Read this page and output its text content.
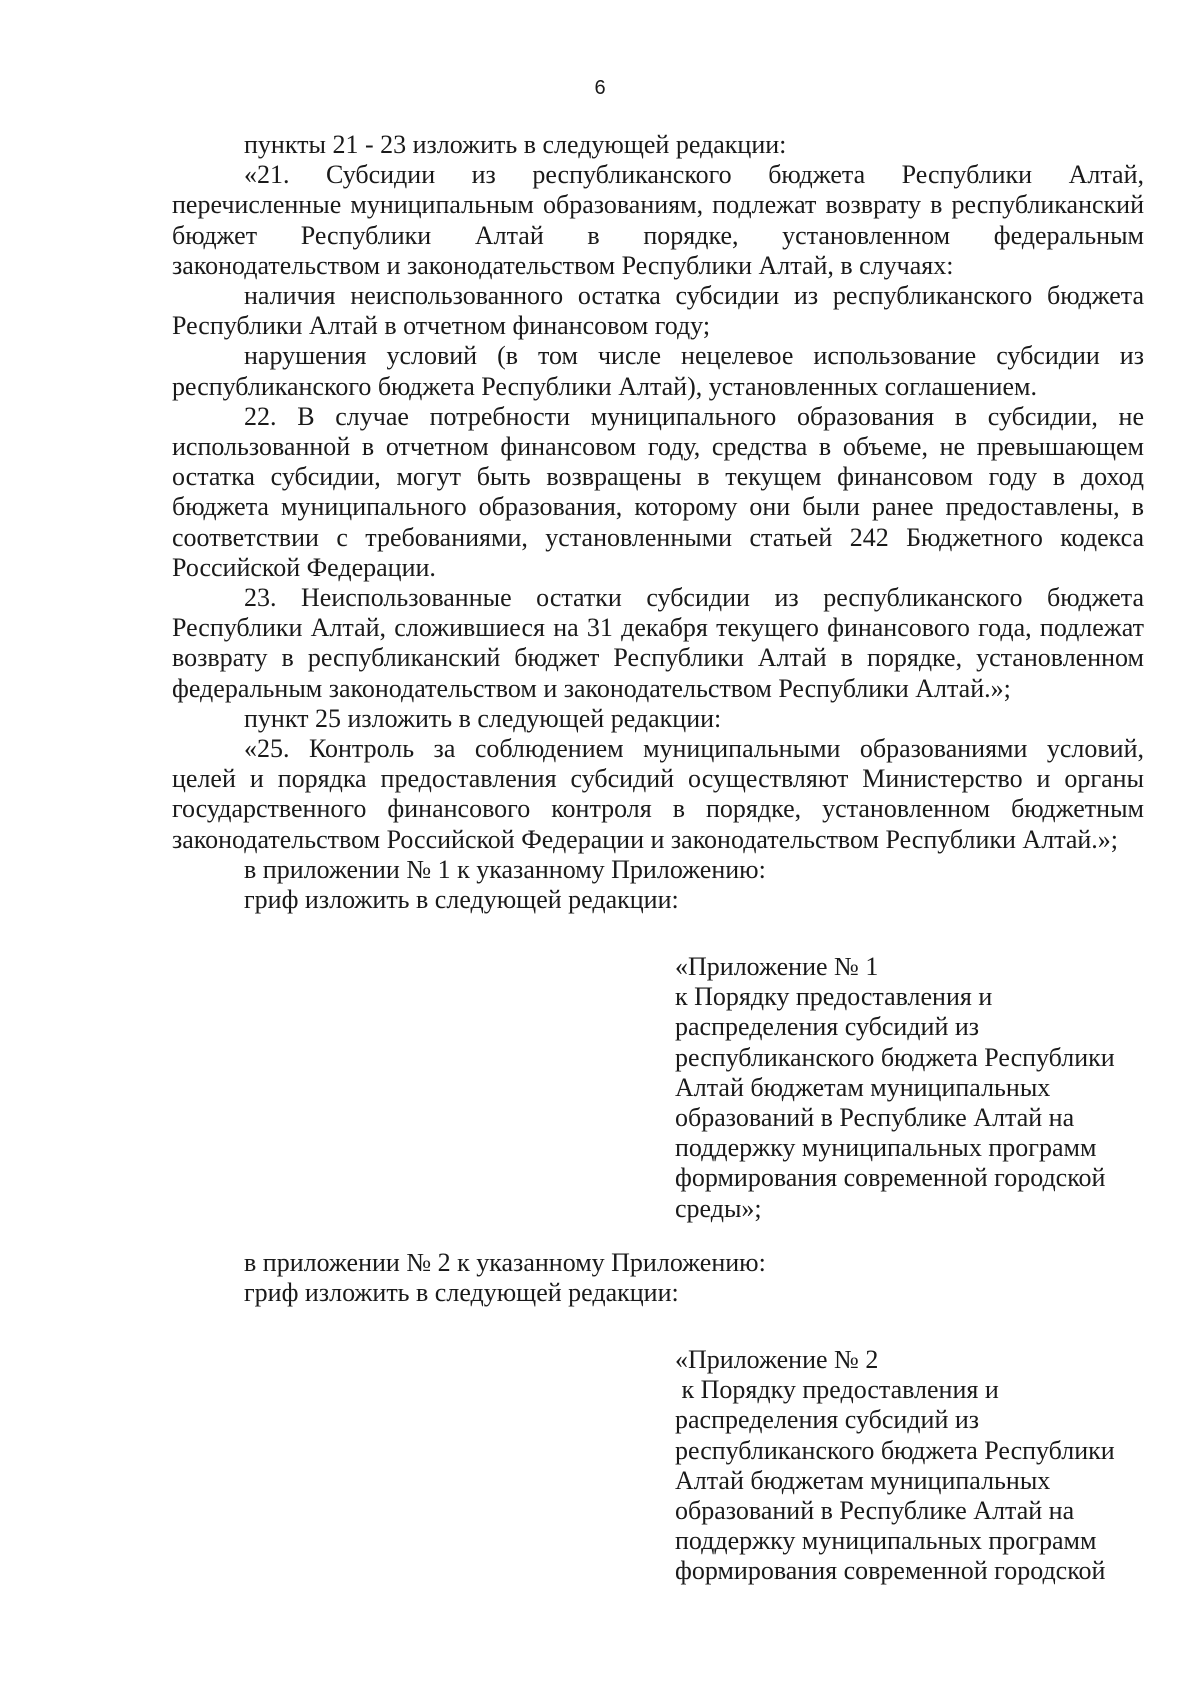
6

пункты 21 - 23 изложить в следующей редакции:

«21. Субсидии из республиканского бюджета Республики Алтай,

перечисленные муниципальным образованиям, подлежат возврату в республиканский

бюджет Республики Алтай в порядке, установленном федеральным

законодательством и законодательством Республики Алтай, в случаях:

наличия неиспользованного остатка субсидии из республиканского бюджета

Республики Алтай в отчетном финансовом году;

нарушения условий (в том числе нецелевое использование субсидии из

республиканского бюджета Республики Алтай), установленных соглашением.

22. В случае потребности муниципального образования в субсидии, не

использованной в отчетном финансовом году, средства в объеме, не превышающем

остатка субсидии, могут быть возвращены в текущем финансовом году в доход

бюджета муниципального образования, которому они были ранее предоставлены, в

соответствии с требованиями, установленными статьей 242 Бюджетного кодекса

Российской Федерации.

23. Неиспользованные остатки субсидии из республиканского бюджета

Республики Алтай, сложившиеся на 31 декабря текущего финансового года, подлежат

возврату в республиканский бюджет Республики Алтай в порядке, установленном

федеральным законодательством и законодательством Республики Алтай.»;

пункт 25 изложить в следующей редакции:

«25. Контроль за соблюдением муниципальными образованиями условий,

целей и порядка предоставления субсидий осуществляют Министерство и органы

государственного финансового контроля в порядке, установленном бюджетным

законодательством Российской Федерации и законодательством Республики Алтай.»;

в приложении № 1 к указанному Приложению:

гриф изложить в следующей редакции:

«Приложение № 1

к Порядку предоставления и

распределения субсидий из

республиканского бюджета Республики

Алтай бюджетам муниципальных

образований в Республике Алтай на

поддержку муниципальных программ

формирования современной городской

среды»;

в приложении № 2 к указанному Приложению:

гриф изложить в следующей редакции:

«Приложение № 2

к Порядку предоставления и

распределения субсидий из

республиканского бюджета Республики

Алтай бюджетам муниципальных

образований в Республике Алтай на

поддержку муниципальных программ

формирования современной городской
